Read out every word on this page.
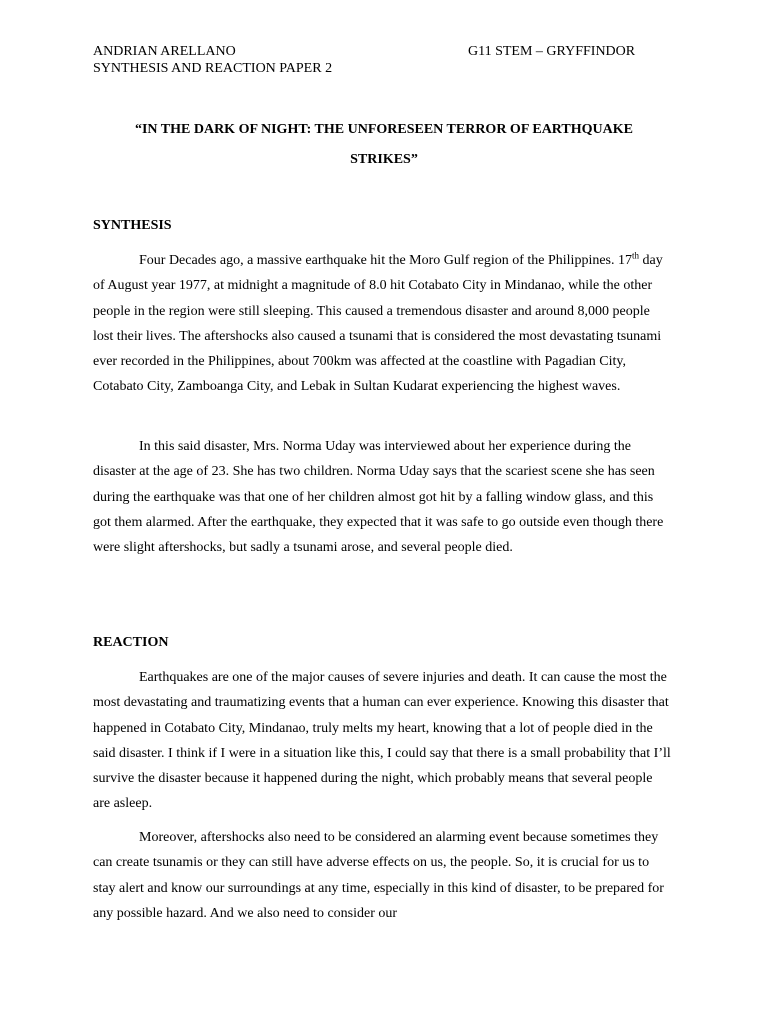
ANDRIAN ARELLANO	G11 STEM – GRYFFINDOR
SYNTHESIS AND REACTION PAPER 2
“IN THE DARK OF NIGHT: THE UNFORESEEN TERROR OF EARTHQUAKE
STRIKES”
SYNTHESIS

Four Decades ago, a massive earthquake hit the Moro Gulf region of the Philippines. 17th day of August year 1977, at midnight a magnitude of 8.0 hit Cotabato City in Mindanao, while the other people in the region were still sleeping. This caused a tremendous disaster and around 8,000 people lost their lives. The aftershocks also caused a tsunami that is considered the most devastating tsunami ever recorded in the Philippines, about 700km was affected at the coastline with Pagadian City, Cotabato City, Zamboanga City, and Lebak in Sultan Kudarat experiencing the highest waves.

In this said disaster, Mrs. Norma Uday was interviewed about her experience during the disaster at the age of 23. She has two children. Norma Uday says that the scariest scene she has seen during the earthquake was that one of her children almost got hit by a falling window glass, and this got them alarmed. After the earthquake, they expected that it was safe to go outside even though there were slight aftershocks, but sadly a tsunami arose, and several people died.

REACTION

Earthquakes are one of the major causes of severe injuries and death. It can cause the most the most devastating and traumatizing events that a human can ever experience. Knowing this disaster that happened in Cotabato City, Mindanao, truly melts my heart, knowing that a lot of people died in the said disaster. I think if I were in a situation like this, I could say that there is a small probability that I’ll survive the disaster because it happened during the night, which probably means that several people are asleep.

Moreover, aftershocks also need to be considered an alarming event because sometimes they can create tsunamis or they can still have adverse effects on us, the people. So, it is crucial for us to stay alert and know our surroundings at any time, especially in this kind of disaster, to be prepared for any possible hazard. And we also need to consider our
